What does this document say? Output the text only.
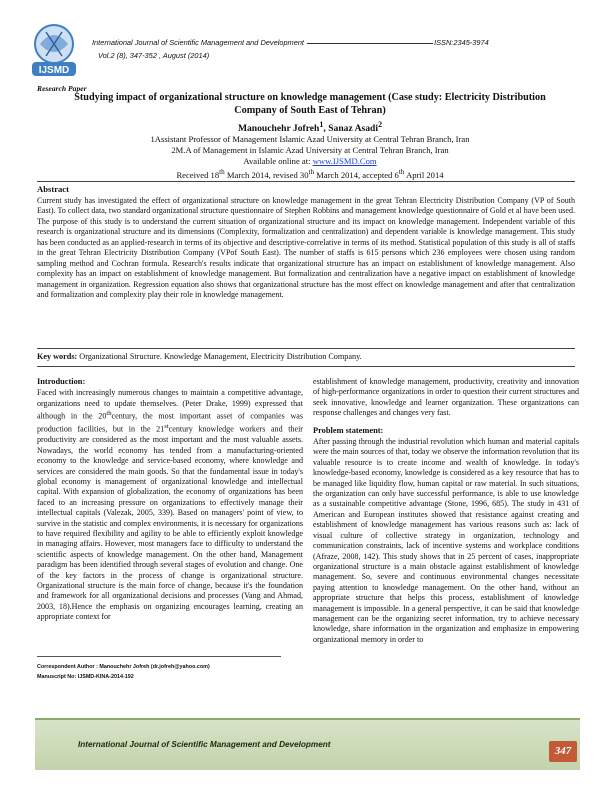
IJSMD
International Journal of Scientific Management and Development	ISSN:2345-3974
Vol.2 (8), 347-352 , August (2014)
Research Paper
Studying impact of organizational structure on knowledge management (Case study: Electricity Distribution
Company of South East of Tehran)
Manouchehr Jofreh$^1$, Sanaz Asadi$^2$
1Assistant Professor of Management Islamic Azad University at Central Tehran Branch, Iran
2M.A of Management in Islamic Azad University at Central Tehran Branch, Iran
Available online at: www.IJSMD.Com
Received 18th March 2014, revised 30th March 2014, accepted 6th April 2014
Abstract
Current study has investigated the effect of organizational structure on knowledge management in the great Tehran Electricity Distribution Company (VP of South East). To collect data, two standard organizational structure questionnaire of Stephen Robbins and management knowledge questionnaire of Gold et al have been used. The purpose of this study is to understand the current situation of organizational structure and its impact on knowledge management. Independent variable of this research is organizational structure and its dimensions (Complexity, formalization and centralization) and dependent variable is knowledge management. This study has been conducted as an applied-research in terms of its objective and descriptive-correlative in terms of its method. Statistical population of this study is all of staffs in the great Tehran Electricity Distribution Company (VPof South East). The number of staffs is 615 persons which 236 employees were chosen using random sampling method and Cochran formula. Research's results indicate that organizational structure has an impact on establishment of knowledge management. Also complexity has an impact on establishment of knowledge management. But formalization and centralization have a negative impact on establishment of knowledge management in organization. Regression equation also shows that organizational structure has the most effect on knowledge management and after that centralization and formalization and complexity play their role in knowledge management.
Key words: Organizational Structure. Knowledge Management, Electricity Distribution Company.
Introduction:

Faced with increasingly numerous changes to maintain a competitive advantage, organizations need to update themselves. (Peter Drake, 1999) expressed that although in the 20thcentury, the most important asset of companies was production facilities, but in the 21stcentury knowledge workers and their productivity are considered as the most important and the most valuable assets. Nowadays, the world economy has tended from a manufacturing-oriented economy to the knowledge and service-based economy, where knowledge and services are considered the main goods. So that the fundamental issue in today's global economy is management of organizational knowledge and intellectual capital. With expansion of globalization, the economy of organizations has been faced to an increasing pressure on organizations to effectively manage their intellectual capitals (Valezak, 2005, 339). Based on managers' point of view, to survive in the statistic and complex environments, it is necessary for organizations to have required flexibility and agility to be able to efficiently exploit knowledge in managing affairs. However, most managers face to difficulty to understand the scientific aspects of knowledge management. On the other hand, Management paradigm has been identified through several stages of evolution and change. One of the key factors in the process of change is organizational structure. Organizational structure is the main force of change, because it's the foundation and framework for all organizational decisions and processes (Vang and Ahmad, 2003, 18).Hence the emphasis on organizing encourages learning, creating an appropriate context for

establishment of knowledge management, productivity, creativity and innovation of high-performance organizations in order to question their current structures and seek innovative, knowledge and learner organization. These organizations can response challenges and changes very fast.

Problem statement:

After passing through the industrial revolution which human and material capitals were the main sources of that, today we observe the information revolution that its valuable resource is to create income and wealth of knowledge. In today's knowledge-based economy, knowledge is considered as a key resource that has to be managed like liquidity flow, human capital or raw material. In such situations, the organization can only have successful performance, is able to use knowledge as a sustainable competitive advantage (Stone, 1996, 685). The study in 431 of American and European institutes showed that resistance against creating and establishment of knowledge management has various reasons such as: lack of visual culture of collective strategy in organization, technology and communication constraints, lack of incentive systems and workplace conditions (Afraze, 2008, 142). This study shows that in 25 percent of cases, inappropriate organizational structure is a main obstacle against establishment of knowledge management. So, severe and continuous environmental changes necessitate paying attention to knowledge management. On the other hand, without an appropriate structure that helps this process, establishment of knowledge management is impossible. In a general perspective, it can be said that knowledge management can be the organizing secret information, try to achieve necessary knowledge, share information in the organization and emphasize in empowering organizational memory in order to

Correspondent Author : Manouchehr Jofreh (dr.jofreh@yahoo.com)
Manuscript No: IJSMD-KINA-2014-192
International Journal of Scientific Management and Development
347
